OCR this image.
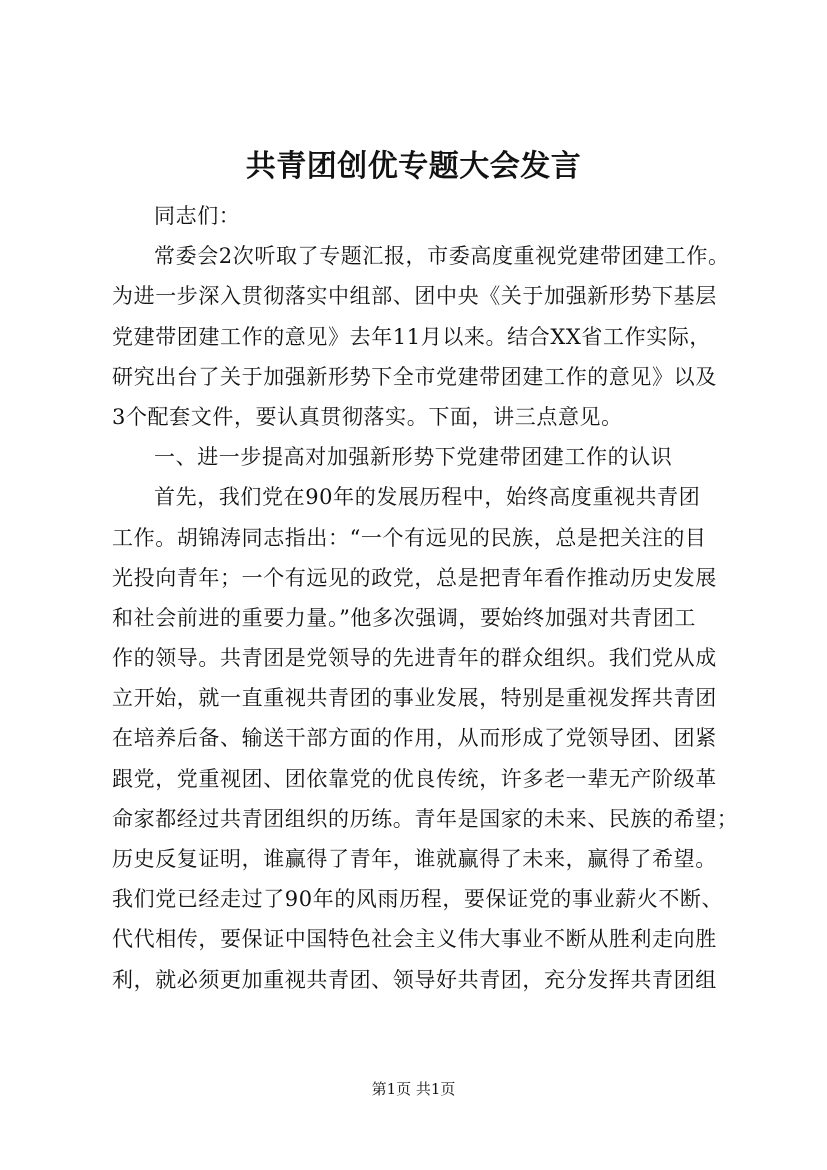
共青团创优专题大会发言
同志们：
常委会2次听取了专题汇报，市委高度重视党建带团建工作。
为进一步深入贯彻落实中组部、团中央《关于加强新形势下基层
党建带团建工作的意见》去年11月以来。结合XX省工作实际，
研究出台了关于加强新形势下全市党建带团建工作的意见》以及
3个配套文件，要认真贯彻落实。下面，讲三点意见。
一、进一步提高对加强新形势下党建带团建工作的认识
首先，我们党在90年的发展历程中，始终高度重视共青团
工作。胡锦涛同志指出：“一个有远见的民族，总是把关注的目
光投向青年；一个有远见的政党，总是把青年看作推动历史发展
和社会前进的重要力量。”他多次强调，要始终加强对共青团工
作的领导。共青团是党领导的先进青年的群众组织。我们党从成
立开始，就一直重视共青团的事业发展，特别是重视发挥共青团
在培养后备、输送干部方面的作用，从而形成了党领导团、团紧
跟党，党重视团、团依靠党的优良传统，许多老一辈无产阶级革
命家都经过共青团组织的历练。青年是国家的未来、民族的希望；
历史反复证明，谁赢得了青年，谁就赢得了未来，赢得了希望。
我们党已经走过了90年的风雨历程，要保证党的事业薪火不断、
代代相传，要保证中国特色社会主义伟大事业不断从胜利走向胜
利，就必须更加重视共青团、领导好共青团，充分发挥共青团组
第1页 共1页
